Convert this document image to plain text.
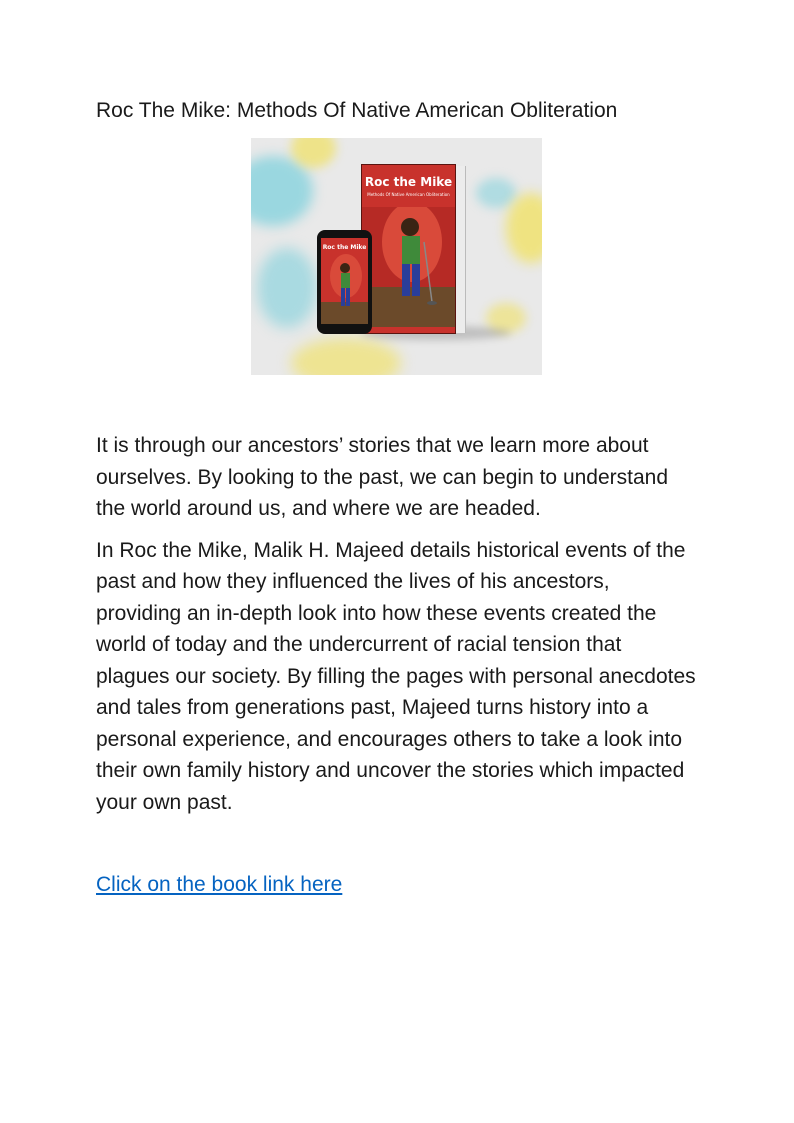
Roc The Mike: Methods Of Native American Obliteration
Roc the Mike
Methods Of Native American Obliteration
Roc the Mike

It is through our ancestors’ stories that we learn more about ourselves. By looking to the past, we can begin to understand the world around us, and where we are headed.

In Roc the Mike, Malik H. Majeed details historical events of the past and how they influenced the lives of his ancestors, providing an in-depth look into how these events created the world of today and the undercurrent of racial tension that plagues our society. By filling the pages with personal anecdotes and tales from generations past, Majeed turns history into a personal experience, and encourages others to take a look into their own family history and uncover the stories which impacted your own past.

Click on the book link here
